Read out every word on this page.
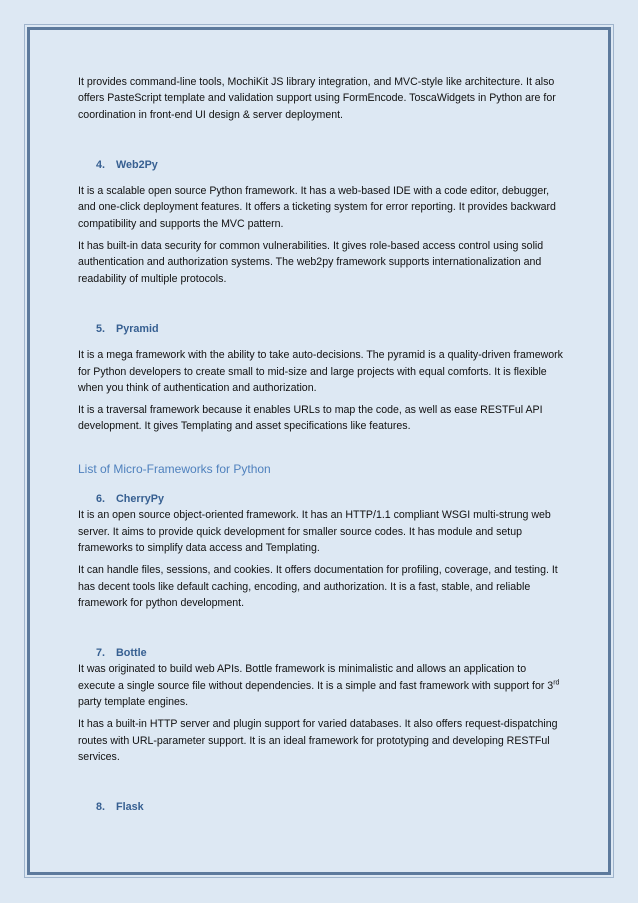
It provides command-line tools, MochiKit JS library integration, and MVC-style like architecture. It also offers PasteScript template and validation support using FormEncode. ToscaWidgets in Python are for coordination in front-end UI design & server deployment.

4. Web2Py

It is a scalable open source Python framework. It has a web-based IDE with a code editor, debugger, and one-click deployment features. It offers a ticketing system for error reporting. It provides backward compatibility and supports the MVC pattern.

It has built-in data security for common vulnerabilities. It gives role-based access control using solid authentication and authorization systems. The web2py framework supports internationalization and readability of multiple protocols.

5. Pyramid

It is a mega framework with the ability to take auto-decisions. The pyramid is a quality-driven framework for Python developers to create small to mid-size and large projects with equal comforts. It is flexible when you think of authentication and authorization.

It is a traversal framework because it enables URLs to map the code, as well as ease RESTFul API development. It gives Templating and asset specifications like features.

List of Micro-Frameworks for Python
6. CherryPy

It is an open source object-oriented framework. It has an HTTP/1.1 compliant WSGI multi-strung web server. It aims to provide quick development for smaller source codes. It has module and setup frameworks to simplify data access and Templating.

It can handle files, sessions, and cookies. It offers documentation for profiling, coverage, and testing. It has decent tools like default caching, encoding, and authorization. It is a fast, stable, and reliable framework for python development.

7. Bottle

It was originated to build web APIs. Bottle framework is minimalistic and allows an application to execute a single source file without dependencies. It is a simple and fast framework with support for 3rd party template engines.

It has a built-in HTTP server and plugin support for varied databases. It also offers request-dispatching routes with URL-parameter support. It is an ideal framework for prototyping and developing RESTFul services.

8. Flask
